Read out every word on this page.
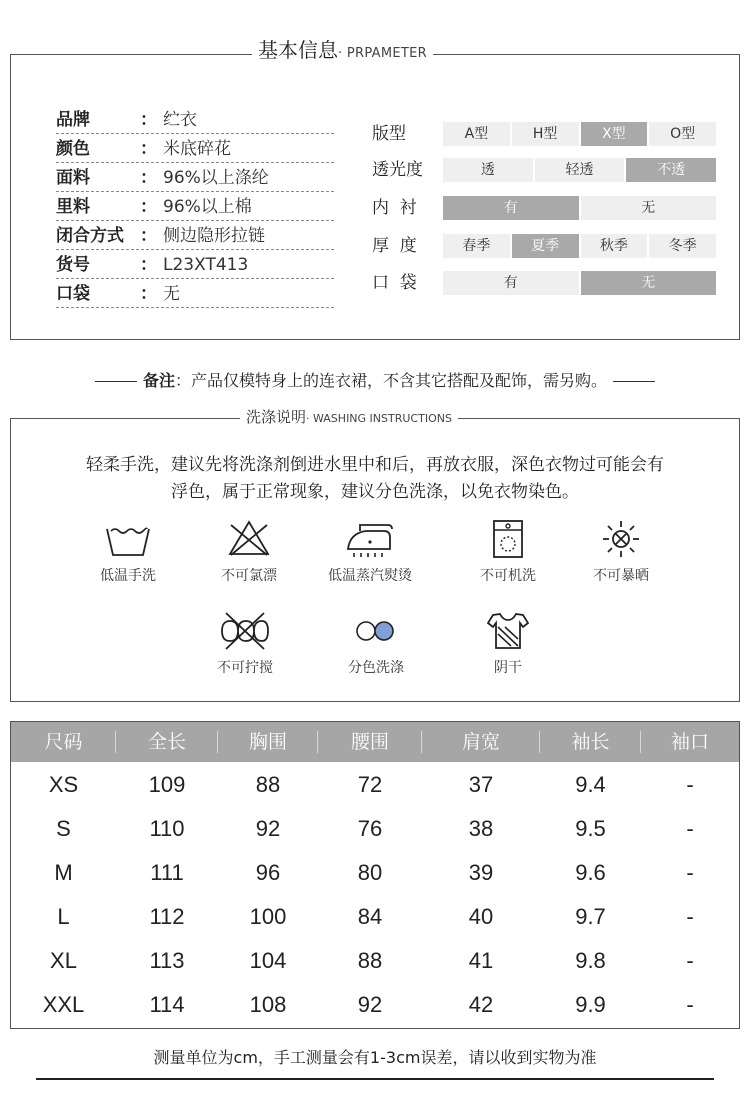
基本信息· PRPAMETER
品牌	： 纻衣
颜色	： 米底碎花
面料	： 96%以上涤纶
里料	： 96%以上棉
闭合方式 ： 侧边隐形拉链
货号	： L23XT413
口袋	： 无
版型	A型	H型	X型	O型
透光度	透	轻透	不透
内  衬	有	无
厚  度	春季	夏季	秋季	冬季
口  袋	有	无
备注：产品仅模特身上的连衣裙，不含其它搭配及配饰，需另购。
洗涤说明· WASHING INSTRUCTIONS
轻柔手洗，建议先将洗涤剂倒进水里中和后，再放衣服，深色衣物过可能会有
浮色，属于正常现象，建议分色洗涤，以免衣物染色。
低温手洗	不可氯漂	低温蒸汽熨烫	不可机洗	不可暴晒
不可拧搅	分色洗涤	阴干
尺码	全长	胸围	腰围	肩宽	袖长	袖口
XS	109	88	72	37	9.4	-
S	110	92	76	38	9.5	-
M	111	96	80	39	9.6	-
L	112	100	84	40	9.7	-
XL	113	104	88	41	9.8	-
XXL	114	108	92	42	9.9	-
测量单位为cm，手工测量会有1-3cm误差，请以收到实物为准
